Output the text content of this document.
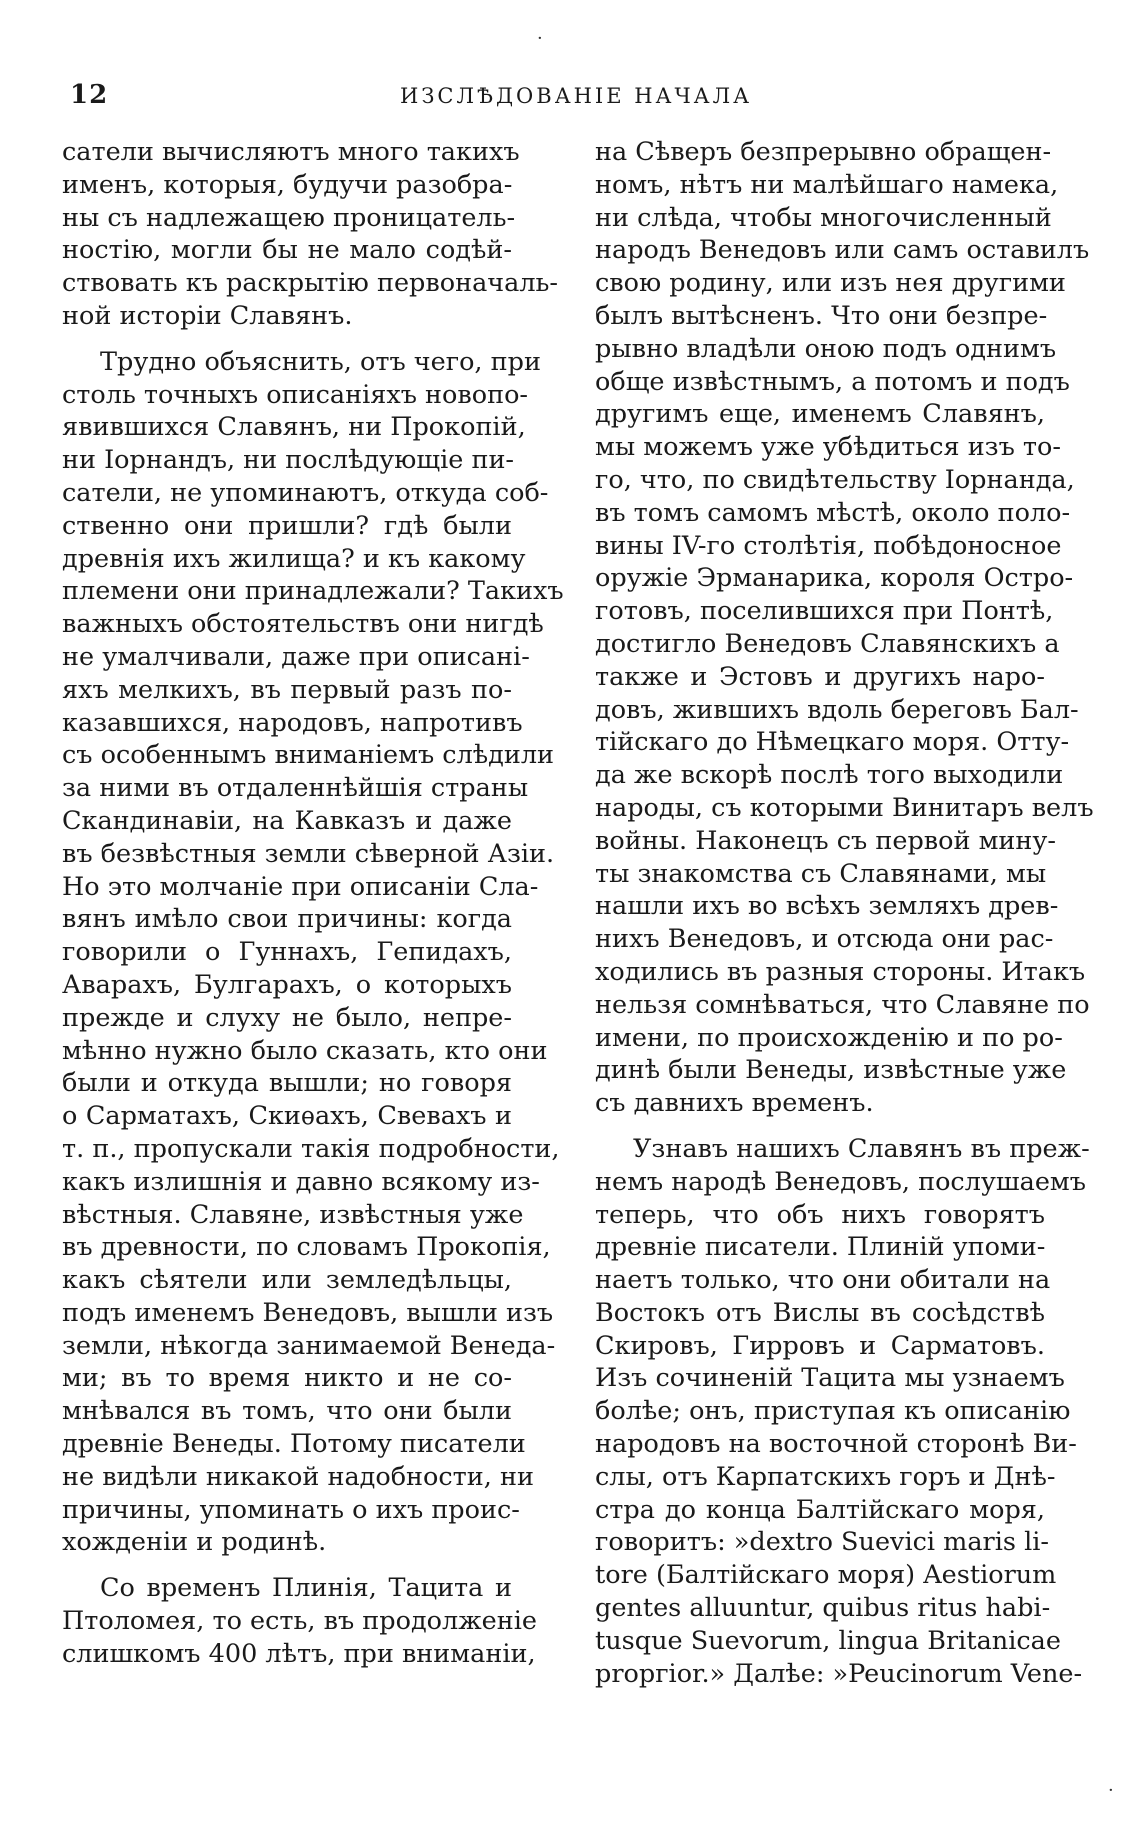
12	ИЗСЛѢДОВАНІЕ НАЧАЛА
сатели вычисляютъ много такихъ
именъ, которыя, будучи разобра-
ны съ надлежащею проницатель-
ностію, могли бы не мало содѣй-
ствовать къ раскрытію первоначаль-
ной исторіи Славянъ.
Трудно объяснить, отъ чего, при
столь точныхъ описаніяхъ новопо-
явившихся Славянъ, ни Прокопій,
ни Іорнандъ, ни послѣдующіе пи-
сатели, не упоминаютъ, откуда соб-
ственно они пришли? гдѣ были
древнія ихъ жилища? и къ какому
племени они принадлежали? Такихъ
важныхъ обстоятельствъ они нигдѣ
не умалчивали, даже при описані-
яхъ мелкихъ, въ первый разъ по-
казавшихся, народовъ, напротивъ
съ особеннымъ вниманіемъ слѣдили
за ними въ отдаленнѣйшія страны
Скандинавіи, на Кавказъ и даже
въ безвѣстныя земли сѣверной Азіи.
Но это молчаніе при описаніи Сла-
вянъ имѣло свои причины: когда
говорили о Гуннахъ, Гепидахъ,
Аварахъ, Булгарахъ, о которыхъ
прежде и слуху не было, непре-
мѣнно нужно было сказать, кто они
были и откуда вышли; но говоря
о Сарматахъ, Скиѳахъ, Свевахъ и
т. п., пропускали такія подробности,
какъ излишнія и давно всякому из-
вѣстныя. Славяне, извѣстныя уже
въ древности, по словамъ Прокопія,
какъ сѣятели или земледѣльцы,
подъ именемъ Венедовъ, вышли изъ
земли, нѣкогда занимаемой Венеда-
ми; въ то время никто и не со-
мнѣвался въ томъ, что они были
древніе Венеды. Потому писатели
не видѣли никакой надобности, ни
причины, упоминать о ихъ проис-
хожденіи и родинѣ.
Со временъ Плинія, Тацита и
Птоломея, то есть, въ продолженіе
слишкомъ 400 лѣтъ, при вниманіи,
на Сѣверъ безпрерывно обращен-
номъ, нѣтъ ни малѣйшаго намека,
ни слѣда, чтобы многочисленный
народъ Венедовъ или самъ оставилъ
свою родину, или изъ нея другими
былъ вытѣсненъ. Что они безпре-
рывно владѣли оною подъ однимъ
обще извѣстнымъ, а потомъ и подъ
другимъ еще, именемъ Славянъ,
мы можемъ уже убѣдиться изъ то-
го, что, по свидѣтельству Іорнанда,
въ томъ самомъ мѣстѣ, около поло-
вины IV-го столѣтія, побѣдоносное
оружіе Эрманарика, короля Остро-
готовъ, поселившихся при Понтѣ,
достигло Венедовъ Славянскихъ а
также и Эстовъ и другихъ наро-
довъ, жившихъ вдоль береговъ Бал-
тійскаго до Нѣмецкаго моря. Отту-
да же вскорѣ послѣ того выходили
народы, съ которыми Винитаръ велъ
войны. Наконецъ съ первой мину-
ты знакомства съ Славянами, мы
нашли ихъ во всѣхъ земляхъ древ-
нихъ Венедовъ, и отсюда они рас-
ходились въ разныя стороны. Итакъ
нельзя сомнѣваться, что Славяне по
имени, по происхожденію и по ро-
динѣ были Венеды, извѣстные уже
съ давнихъ временъ.
Узнавъ нашихъ Славянъ въ преж-
немъ народѣ Венедовъ, послушаемъ
теперь, что объ нихъ говорятъ
древніе писатели. Плиній упоми-
наетъ только, что они обитали на
Востокъ отъ Вислы въ сосѣдствѣ
Скировъ, Гирровъ и Сарматовъ.
Изъ сочиненій Тацита мы узнаемъ
болѣе; онъ, приступая къ описанію
народовъ на восточной сторонѣ Ви-
слы, отъ Карпатскихъ горъ и Днѣ-
стра до конца Балтійскаго моря,
говоритъ: »dextro Suevici maris li-
tore (Балтійскаго моря) Aestiorum
gentes alluuntur, quibus ritus habi-
tusque Suevorum, lingua Britanicae
propгior.» Далѣе: »Peucinorum Vene-
·
·
